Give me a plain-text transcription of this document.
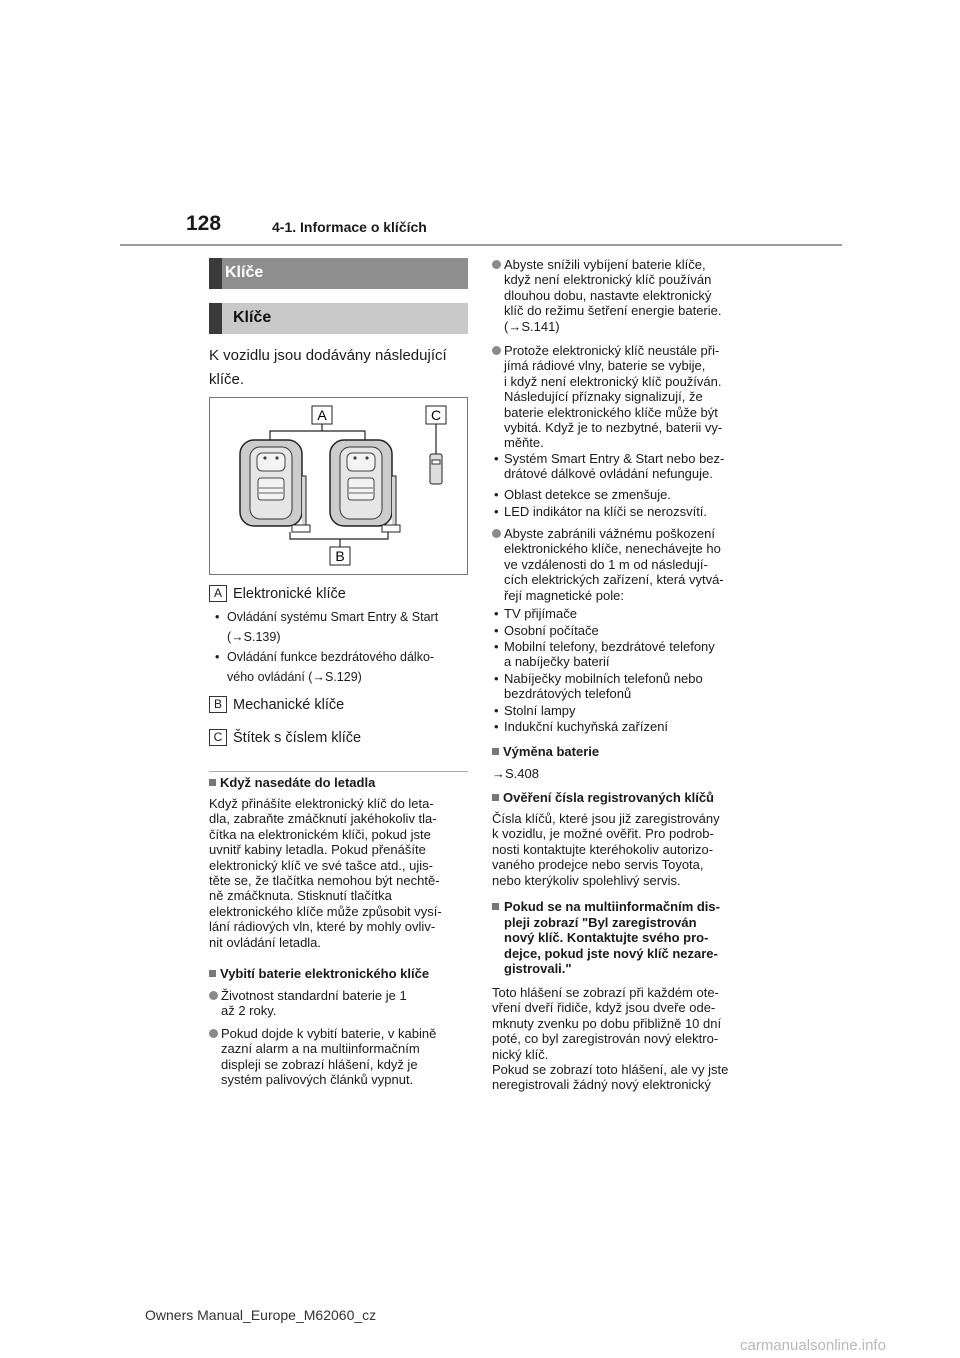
128	4-1. Informace o klíčích
Klíče
Klíče
K vozidlu jsou dodávány následující
klíče.
A	C
B
A Elektronické klíče
• Ovládání systému Smart Entry & Start
(→S.139)
• Ovládání funkce bezdrátového dálko-
vého ovládání (→S.129)
B Mechanické klíče
C Štítek s číslem klíče
Když nasedáte do letadla
Když přinášíte elektronický klíč do leta-
dla, zabraňte zmáčknutí jakéhokoliv tla-
čítka na elektronickém klíči, pokud jste
uvnitř kabiny letadla. Pokud přenášíte
elektronický klíč ve své tašce atd., ujis-
těte se, že tlačítka nemohou být nechtě-
ně zmáčknuta. Stisknutí tlačítka
elektronického klíče může způsobit vysí-
lání rádiových vln, které by mohly ovliv-
nit ovládání letadla.
Vybití baterie elektronického klíče
Životnost standardní baterie je 1
až 2 roky.
Pokud dojde k vybití baterie, v kabině
zazní alarm a na multiinformačním
displeji se zobrazí hlášení, když je
systém palivových článků vypnut.
Abyste snížili vybíjení baterie klíče,
když není elektronický klíč používán
dlouhou dobu, nastavte elektronický
klíč do režimu šetření energie baterie.
(→S.141)
Protože elektronický klíč neustále při-
jímá rádiové vlny, baterie se vybije,
i když není elektronický klíč používán.
Následující příznaky signalizují, že
baterie elektronického klíče může být
vybitá. Když je to nezbytné, baterii vy-
měňte.
• Systém Smart Entry & Start nebo bez-
drátové dálkové ovládání nefunguje.
• Oblast detekce se zmenšuje.
• LED indikátor na klíči se nerozsvítí.
Abyste zabránili vážnému poškození
elektronického klíče, nenechávejte ho
ve vzdálenosti do 1 m od následují-
cích elektrických zařízení, která vytvá-
řejí magnetické pole:
• TV přijímače
• Osobní počítače
• Mobilní telefony, bezdrátové telefony
a nabíječky baterií
• Nabíječky mobilních telefonů nebo
bezdrátových telefonů
• Stolní lampy
• Indukční kuchyňská zařízení
Výměna baterie
→S.408
Ověření čísla registrovaných klíčů
Čísla klíčů, které jsou již zaregistrovány
k vozidlu, je možné ověřit. Pro podrob-
nosti kontaktujte kteréhokoliv autorizo-
vaného prodejce nebo servis Toyota,
nebo kterýkoliv spolehlivý servis.
Pokud se na multiinformačním dis-
pleji zobrazí "Byl zaregistrován
nový klíč. Kontaktujte svého pro-
dejce, pokud jste nový klíč nezare-
gistrovali."
Toto hlášení se zobrazí při každém ote-
vření dveří řidiče, když jsou dveře ode-
mknuty zvenku po dobu přibližně 10 dní
poté, co byl zaregistrován nový elektro-
nický klíč.
Pokud se zobrazí toto hlášení, ale vy jste
neregistrovali žádný nový elektronický
Owners Manual_Europe_M62060_cz
carmanualsonline.info
